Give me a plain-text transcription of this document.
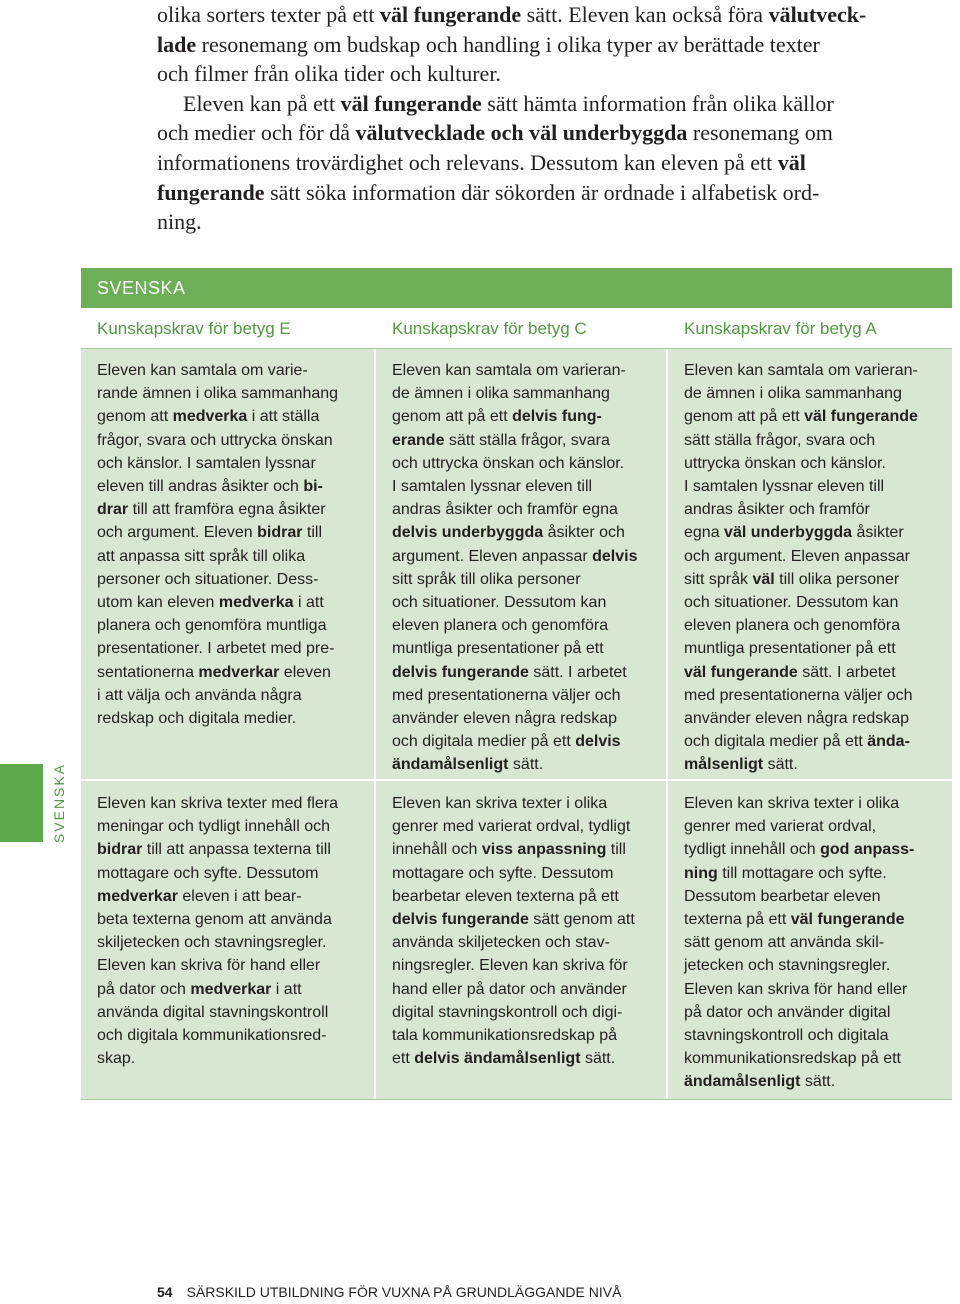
olika sorters texter på ett väl fungerande sätt. Eleven kan också föra välutveck-
lade resonemang om budskap och handling i olika typer av berättade texter
och filmer från olika tider och kulturer.

Eleven kan på ett väl fungerande sätt hämta information från olika källor
och medier och för då välutvecklade och väl underbyggda resonemang om
informationens trovärdighet och relevans. Dessutom kan eleven på ett väl
fungerande sätt söka information där sökorden är ordnade i alfabetisk ord-
ning.

SVENSKA
Kunskapskrav för betyg E	Kunskapskrav för betyg C	Kunskapskrav för betyg A
Eleven kan samtala om varie-
rande ämnen i olika sammanhang
genom att medverka i att ställa
frågor, svara och uttrycka önskan
och känslor. I samtalen lyssnar
eleven till andras åsikter och bi-
drar till att framföra egna åsikter
och argument. Eleven bidrar till
att anpassa sitt språk till olika
personer och situationer. Dess-
utom kan eleven medverka i att
planera och genomföra muntliga
presentationer. I arbetet med pre-
sentationerna medverkar eleven
i att välja och använda några
redskap och digitala medier.
Eleven kan samtala om varieran-
de ämnen i olika sammanhang
genom att på ett delvis fung-
erande sätt ställa frågor, svara
och uttrycka önskan och känslor.
I samtalen lyssnar eleven till
andras åsikter och framför egna
delvis underbyggda åsikter och
argument. Eleven anpassar delvis
sitt språk till olika personer
och situationer. Dessutom kan
eleven planera och genomföra
muntliga presentationer på ett
delvis fungerande sätt. I arbetet
med presentationerna väljer och
använder eleven några redskap
och digitala medier på ett delvis
ändamålsenligt sätt.
Eleven kan samtala om varieran-
de ämnen i olika sammanhang
genom att på ett väl fungerande
sätt ställa frågor, svara och
uttrycka önskan och känslor.
I samtalen lyssnar eleven till
andras åsikter och framför
egna väl underbyggda åsikter
och argument. Eleven anpassar
sitt språk väl till olika personer
och situationer. Dessutom kan
eleven planera och genomföra
muntliga presentationer på ett
väl fungerande sätt. I arbetet
med presentationerna väljer och
använder eleven några redskap
och digitala medier på ett ända-
målsenligt sätt.
Eleven kan skriva texter med flera
meningar och tydligt innehåll och
bidrar till att anpassa texterna till
mottagare och syfte. Dessutom
medverkar eleven i att bear-
beta texterna genom att använda
skiljetecken och stavningsregler.
Eleven kan skriva för hand eller
på dator och medverkar i att
använda digital stavningskontroll
och digitala kommunikationsred-
skap.
Eleven kan skriva texter i olika
genrer med varierat ordval, tydligt
innehåll och viss anpassning till
mottagare och syfte. Dessutom
bearbetar eleven texterna på ett
delvis fungerande sätt genom att
använda skiljetecken och stav-
ningsregler. Eleven kan skriva för
hand eller på dator och använder
digital stavningskontroll och digi-
tala kommunikationsredskap på
ett delvis ändamålsenligt sätt.
Eleven kan skriva texter i olika
genrer med varierat ordval,
tydligt innehåll och god anpass-
ning till mottagare och syfte.
Dessutom bearbetar eleven
texterna på ett väl fungerande
sätt genom att använda skil-
jetecken och stavningsregler.
Eleven kan skriva för hand eller
på dator och använder digital
stavningskontroll och digitala
kommunikationsredskap på ett
ändamålsenligt sätt.
SVENSKA
54 SÄRSKILD UTBILDNING FÖR VUXNA PÅ GRUNDLÄGGANDE NIVÅ
